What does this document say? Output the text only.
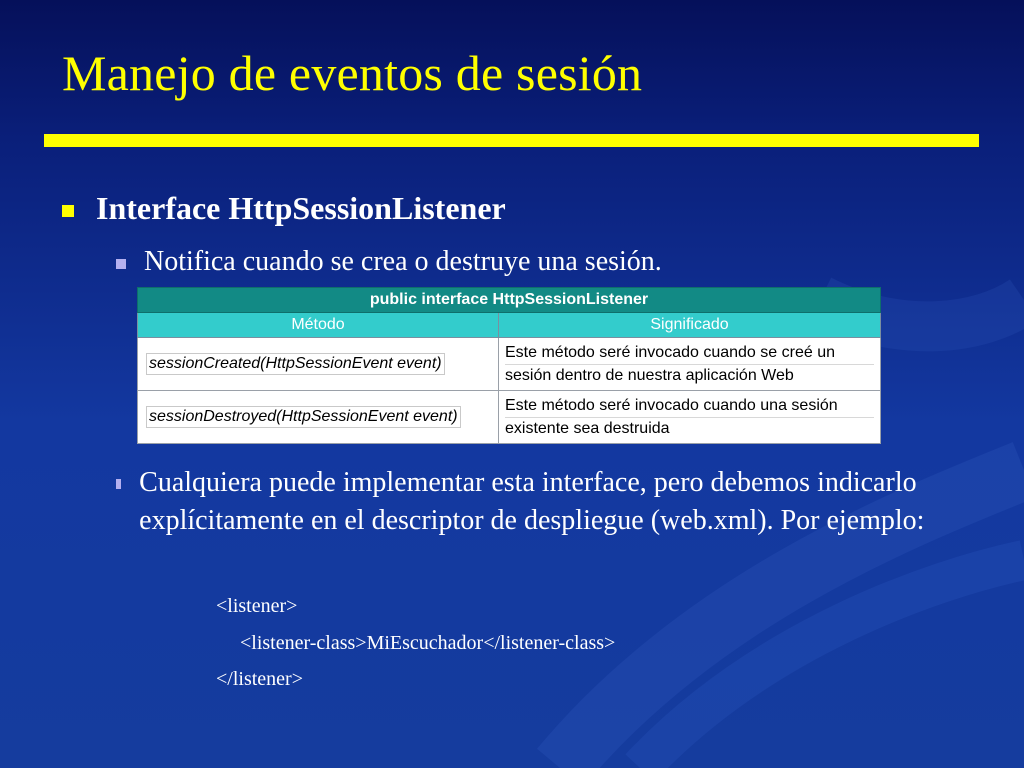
Manejo de eventos de sesión
Interface HttpSessionListener
Notifica cuando se crea o destruye una sesión.
public interface HttpSessionListener	
Método	Significado
sessionCreated(HttpSessionEvent event)	Este método seré invocado cuando se creé un
sesión dentro de nuestra aplicación Web

sessionDestroyed(HttpSessionEvent event)	Este método seré invocado cuando una sesión
existente sea destruida
Cualquiera puede implementar esta interface, pero debemos indicarlo explícitamente en el descriptor de despliegue (web.xml). Por ejemplo:
<listener>
<listener-class>MiEscuchador</listener-class>
</listener>
